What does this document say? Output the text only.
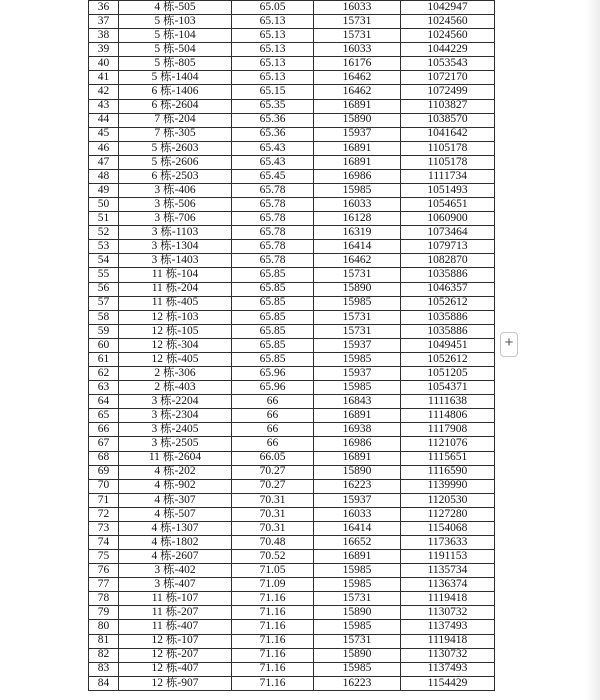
36	4 栋-505	65.05	16033	1042947
37	5 栋-103	65.13	15731	1024560
38	5 栋-104	65.13	15731	1024560
39	5 栋-504	65.13	16033	1044229
40	5 栋-805	65.13	16176	1053543
41	5 栋-1404	65.13	16462	1072170
42	6 栋-1406	65.15	16462	1072499
43	6 栋-2604	65.35	16891	1103827
44	7 栋-204	65.36	15890	1038570
45	7 栋-305	65.36	15937	1041642
46	5 栋-2603	65.43	16891	1105178
47	5 栋-2606	65.43	16891	1105178
48	6 栋-2503	65.45	16986	1111734
49	3 栋-406	65.78	15985	1051493
50	3 栋-506	65.78	16033	1054651
51	3 栋-706	65.78	16128	1060900
52	3 栋-1103	65.78	16319	1073464
53	3 栋-1304	65.78	16414	1079713
54	3 栋-1403	65.78	16462	1082870
55	11 栋-104	65.85	15731	1035886
56	11 栋-204	65.85	15890	1046357
57	11 栋-405	65.85	15985	1052612
58	12 栋-103	65.85	15731	1035886
59	12 栋-105	65.85	15731	1035886
60	12 栋-304	65.85	15937	1049451
61	12 栋-405	65.85	15985	1052612
62	2 栋-306	65.96	15937	1051205
63	2 栋-403	65.96	15985	1054371
64	3 栋-2204	66	16843	1111638
65	3 栋-2304	66	16891	1114806
66	3 栋-2405	66	16938	1117908
67	3 栋-2505	66	16986	1121076
68	11 栋-2604	66.05	16891	1115651
69	4 栋-202	70.27	15890	1116590
70	4 栋-902	70.27	16223	1139990
71	4 栋-307	70.31	15937	1120530
72	4 栋-507	70.31	16033	1127280
73	4 栋-1307	70.31	16414	1154068
74	4 栋-1802	70.48	16652	1173633
75	4 栋-2607	70.52	16891	1191153
76	3 栋-402	71.05	15985	1135734
77	3 栋-407	71.09	15985	1136374
78	11 栋-107	71.16	15731	1119418
79	11 栋-207	71.16	15890	1130732
80	11 栋-407	71.16	15985	1137493
81	12 栋-107	71.16	15731	1119418
82	12 栋-207	71.16	15890	1130732
83	12 栋-407	71.16	15985	1137493
84	12 栋-907	71.16	16223	1154429
+
